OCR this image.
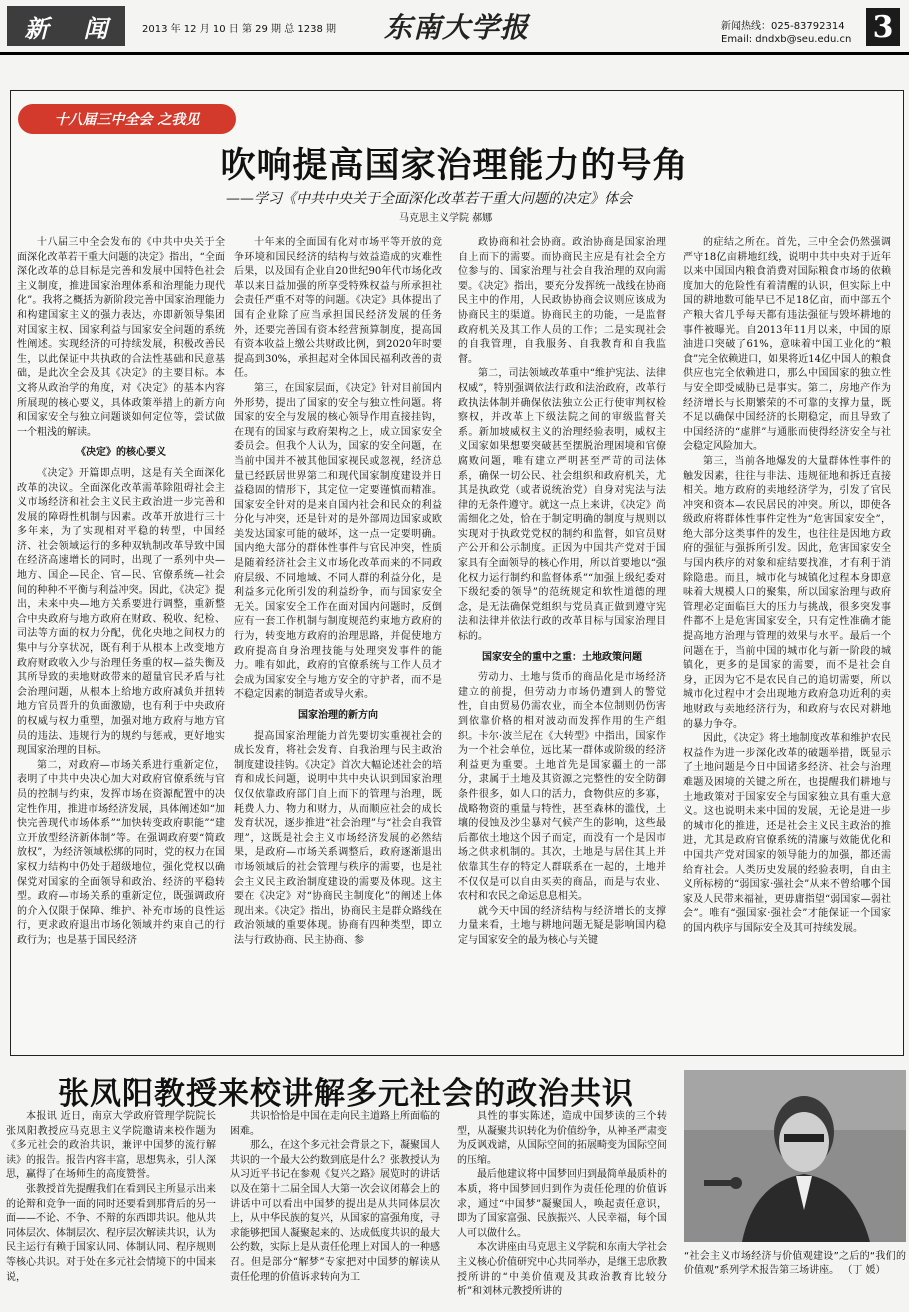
新 闻	2013 年 12 月 10 日 第 29 期 总 1238 期 东南大学报	新闻热线：025-83792314
Email: dndxb@seu.edu.cn 3
十八届三中全会 之我见
吹响提高国家治理能力的号角
——学习《中共中央关于全面深化改革若干重大问题的决定》体会
马克思主义学院 郝娜

十八届三中全会发布的《中共中央关于全面深化改革若干重大问题的决定》指出，“全面深化改革的总目标是完善和发展中国特色社会主义制度，推进国家治理体系和治理能力现代化”。我将之概括为新阶段完善中国家治理能力和构建国家主义的强力表达，亦即新领导集团对国家主权、国家利益与国家安全问题的系统性阐述。实现经济的可持续发展，积极改善民生，以此保证中共执政的合法性基础和民意基础，是此次全会及其《决定》的主要目标。本文将从政治学的角度，对《决定》的基本内容所展现的核心要义，具体政策举措上的新方向和国家安全与独立问题谈如何定位等，尝试做一个粗浅的解读。

《决定》的核心要义

《决定》开篇即点明，这是有关全面深化改革的决议。全面深化改革需革除阻碍社会主义市场经济和社会主义民主政治进一步完善和发展的障碍性机制与因素。改革开放进行三十多年来，为了实现相对平稳的转型，中国经济、社会领域运行的多种双轨制改革导致中国在经济高速增长的同时，出现了一系列中央—地方、国企—民企、官—民、官僚系统—社会间的种种不平衡与利益冲突。因此，《决定》提出，未来中央—地方关系要进行调整，重新整合中央政府与地方政府在财政、税收、纪检、司法等方面的权力分配，优化央地之间权力的集中与分享状况，既有利于从根本上改变地方政府财政收入少与治理任务重的权—益失衡及其所导致的卖地财政带来的超量官民矛盾与社会治理问题，从根本上给地方政府减负并扭转地方官员晋升的负面激励，也有利于中央政府的权威与权力重塑，加强对地方政府与地方官员的违法、违规行为的规约与惩戒，更好地实现国家治理的目标。

第二，对政府—市场关系进行重新定位，表明了中共中央决心加大对政府官僚系统与官员的控制与约束，发挥市场在资源配置中的决定性作用，推进市场经济发展，具体阐述如“加快完善现代市场体系”“加快转变政府职能”“建立开放型经济新体制”等。在强调政府要“简政放权”，为经济领域松绑的同时，党的权力在国家权力结构中仍处于超级地位，强化党权以确保党对国家的全面领导和政治、经济的平稳转型。政府—市场关系的重新定位，既强调政府的介入仅限于保障、维护、补充市场的良性运行，更求政府退出市场化领域并约束自己的行政行为；也是基于国民经济

十年来的全面国有化对市场平等开放的竞争环境和国民经济的结构与效益造成的灾难性后果，以及国有企业自20世纪90年代市场化改革以来日益加强的所享受特殊权益与所承担社会责任严重不对等的问题。《决定》具体提出了国有企业除了应当承担国民经济发展的任务外，还要完善国有资本经营预算制度，提高国有资本收益上缴公共财政比例，到2020年时要提高到30%，承担起对全体国民福利改善的责任。

第三，在国家层面，《决定》针对目前国内外形势，提出了国家的安全与独立性问题。将国家的安全与发展的核心领导作用直接挂钩，在现有的国家与政府架构之上，成立国家安全委员会。但我个人认为，国家的安全问题，在当前中国并不被其他国家视民或忽视，经济总量已经跃居世界第二和现代国家制度建设并日益稳固的情形下，其定位一定要谨慎而精准。国家安全针对的是来自国内社会和民众的利益分化与冲突，还是针对的是外部周边国家或欧美发达国家可能的破坏，这一点一定要明确。国内绝大部分的群体性事件与官民冲突，性质是随着经济社会主义市场化改革而来的不同政府层级、不同地域、不同人群的利益分化，是利益多元化所引发的利益纷争，而与国家安全无关。国家安全工作在面对国内问题时，反倒应有一套工作机制与制度规范约束地方政府的行为，转变地方政府的治理思路，并促使地方政府提高自身治理技能与处理突发事件的能力。唯有如此，政府的官僚系统与工作人员才会成为国家安全与地方安全的守护者，而不是不稳定因素的制造者或导火索。

国家治理的新方向

提高国家治理能力首先要切实重视社会的成长发育，将社会发育、自我治理与民主政治制度建设挂钩。《决定》首次大幅论述社会的培育和成长问题，说明中共中央认识到国家治理仅仅依靠政府部门自上而下的管理与治理，既耗费人力、物力和财力，从而顺应社会的成长发育状况，逐步推进“社会治理”与“社会自我管理”，这既是社会主义市场经济发展的必然结果，是政府—市场关系调整后，政府逐渐退出市场领域后的社会管理与秩序的需要，也是社会主义民主政治制度建设的需要及体现。这主要在《决定》对“协商民主制度化”的阐述上体现出来。《决定》指出，协商民主是群众路线在政治领域的重要体现。协商有四种类型，即立法与行政协商、民主协商、参

政协商和社会协商。政治协商是国家治理自上而下的需要。而协商民主应是有社会全方位参与的、国家治理与社会自我治理的双向需要。《决定》指出，要充分发挥统一战线在协商民主中的作用，人民政协协商会议则应该成为协商民主的渠道。协商民主的功能，一是监督政府机关及其工作人员的工作；二是实现社会的自我管理，自我服务、自我教育和自我监督。

第二，司法领域改革重中“维护宪法、法律权威”，特别强调依法行政和法治政府，改革行政执法体制并确保依法独立公正行使审判权检察权，并改革上下级法院之间的审级监督关系。新加坡威权主义的治理经验表明，威权主义国家如果想要突破甚至摆脱治理困境和官僚腐败问题，唯有建立严明甚至严苛的司法体系，确保一切公民、社会组织和政府机关，尤其是执政党（或者说统治党）自身对宪法与法律的无条件遵守。就这一点上来讲，《决定》尚需细化之处，恰在于制定明确的制度与规则以实现对于执政党党权的制约和监督，如官员财产公开和公示制度。正因为中国共产党对于国家具有全面领导的核心作用，所以首要地以“强化权力运行制约和监督体系”“加强上级纪委对下级纪委的领导”的范统规定和软性道德的理念，是无法确保党组织与党员真正做到遵守宪法和法律并依法行政的改革目标与国家治理目标的。

国家安全的重中之重：土地政策问题

劳动力、土地与货币的商品化是市场经济建立的前提，但劳动力市场仍遭到人的警觉性，自由贸易仍需农业，而全本位制则仍伤害到依靠价格的相对波动而发挥作用的生产组织。卡尔·波兰尼在《大转型》中指出，国家作为一个社会单位，远比某一群体或阶级的经济利益更为重要。土地首先是国家疆土的一部分，隶属于土地及其资源之完整性的安全防御条件很多，如人口的活力，食物供应的多寡，战略物资的重量与特性，甚至森林的滥伐，土壤的侵蚀及沙尘暴对气候产生的影响，这些最后都依土地这个因子而定，而没有一个是因市场之供求机制的。其次，土地是与居住其上并依靠其生存的特定人群联系在一起的，土地并不仅仅是可以自由买卖的商品，而是与农业、农村和农民之命运息息相关。

就今天中国的经济结构与经济增长的支撑力量来看，土地与耕地问题无疑是影响国内稳定与国家安全的最为核心与关键

的症结之所在。首先，三中全会仍然强调严守18亿亩耕地红线，说明中共中央对于近年以来中国国内粮食消费对国际粮食市场的依赖度加大的危险性有着清醒的认识，但实际上中国的耕地数可能早已不足18亿亩，而中部五个产粮大省几乎每天都有违法强征与毁坏耕地的事件被曝光。自2013年11月以来，中国的原油进口突破了61%，意味着中国工业化的“粮食”完全依赖进口，如果将近14亿中国人的粮食供应也完全依赖进口，那么中国国家的独立性与安全即受威胁已是事实。第二，房地产作为经济增长与长期繁荣的不可靠的支撑力量，既不足以确保中国经济的长期稳定，而且导致了中国经济的“虚胖”与通胀而使得经济安全与社会稳定风险加大。

第三，当前各地爆发的大量群体性事件的触发因素，往往与非法、违规征地和拆迁直接相关。地方政府的卖地经济学为，引发了官民冲突和资本—农民居民的冲突。所以，即使各级政府将群体性事件定性为“危害国家安全”，绝大部分这类事件的发生，也往往是因地方政府的强征与强拆所引发。因此，危害国家安全与国内秩序的对象和症结要找准，才有利于消除隐患。而且，城市化与城镇化过程本身即意味着大规模人口的聚集，所以国家治理与政府管理必定面临巨大的压力与挑战，很多突发事件都不上是危害国家安全，只有定性准确才能提高地方治理与管理的效果与水平。最后一个问题在于，当前中国的城市化与新一阶段的城镇化，更多的是国家的需要，而不是社会自身，正因为它不是农民自己的追切需要，所以城市化过程中才会出现地方政府急功近利的卖地财政与卖地经济行为，和政府与农民对耕地的暴力争夺。

因此，《决定》将土地制度改革和维护农民权益作为进一步深化改革的破题举措，既显示了土地问题是今日中国诸多经济、社会与治理难题及困境的关键之所在，也提醒我们耕地与土地政策对于国家安全与国家独立具有重大意义。这也说明未来中国的发展，无论是进一步的城市化的推进，还是社会主义民主政治的推进，尤其是政府官僚系统的清廉与效能优化和中国共产党对国家的领导能力的加强，都还需给育社会。人类历史发展的经验表明，自由主义所标榜的“弱国家·强社会”从来不曾给哪个国家及人民带来福祉，更毋庸指望“弱国家—弱社会”。唯有“强国家·强社会”才能保证一个国家的国内秩序与国际安全及其可持续发展。

张凤阳教授来校讲解多元社会的政治共识

本报讯 近日，南京大学政府管理学院院长张凤阳教授应马克思主义学院邀请来校作题为《多元社会的政治共识，兼评中国梦的流行解读》的报告。报告内容丰富，思想隽永，引人深思，赢得了在场师生的高度赞誉。

张教授首先提醒我们在看到民主所显示出来的论辩和竞争一面的同时还要看到那背后的另一面——不论、不争、不辩的东西即共识。他从共同体层次、体制层次、程序层次解读共识，认为民主运行有赖于国家认同、体制认同、程序规则等核心共识。对于处在多元社会情境下的中国来说，

共识恰恰是中国在走向民主道路上所面临的困难。

那么，在这个多元社会背景之下，凝聚国人共识的一个最大公约数到底是什么？张教授认为从习近平书记在参观《复兴之路》展览时的讲话以及在第十二届全国人大第一次会议闭幕会上的讲话中可以看出中国梦的提出是从共同体层次上，从中华民族的复兴，从国家的富强角度，寻求能够把国人凝聚起来的、达成低度共识的最大公约数，实际上是从责任伦理上对国人的一种感召。但是部分“解梦”专家把对中国梦的解读从责任伦理的价值诉求转向为工

具性的事实陈述，造成中国梦读的三个转型，从凝聚共识转化为价值纷争，从神圣严肃变为反讽戏谑，从国际空间的拓展畸变为国际空间的压缩。

最后他建议将中国梦回归到最简单最质朴的本质，将中国梦回归到作为责任伦理的价值诉求，通过“中国梦”凝聚国人，唤起责任意识，即为了国家富强、民族振兴、人民幸福，每个国人可以做什么。

本次讲座由马克思主义学院和东南大学社会主义核心价值研究中心共同举办，是继王忠欣教授所讲的“中美价值观及其政治教育比较分析”和刘林元教授所讲的

“社会主义市场经济与价值观建设”之后的“我们的价值观”系列学术报告第三场讲座。 （丁 媛）
